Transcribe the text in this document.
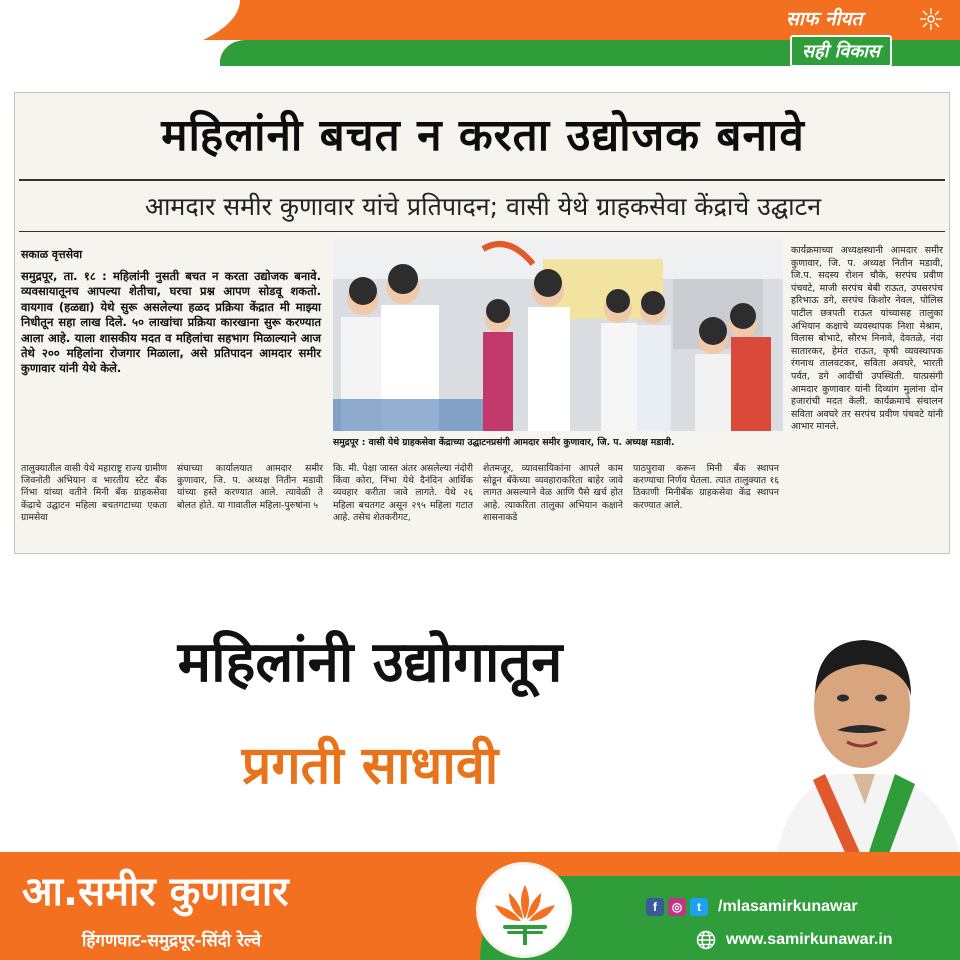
साफ नीयत
सही विकास
महिलांनी बचत न करता उद्योजक बनावे
आमदार समीर कुणावार यांचे प्रतिपादन; वासी येथे ग्राहकसेवा केंद्राचे उद्घाटन
सकाळ वृत्तसेवा
समुद्रपूर, ता. १८ : महिलांनी नुसती बचत न करता उद्योजक बनावे. व्यवसायातूनच आपल्या शेतीचा, घरचा प्रश्न आपण सोडवू शकतो. वायगाव (हळद्या) येथे सुरू असलेल्या हळद प्रक्रिया केंद्रात मी माझ्या निधीतून सहा लाख दिले. ५० लाखांचा प्रक्रिया कारखाना सुरू करण्यात आला आहे. याला शासकीय मदत व महिलांचा सहभाग मिळाल्याने आज तेथे २०० महिलांना रोजगार मिळाला, असे प्रतिपादन आमदार समीर कुणावार यांनी येथे केले.
समुद्रपूर : वासी येथे ग्राहकसेवा केंद्राच्या उद्घाटनप्रसंगी आमदार समीर कुणावार, जि. प. अध्यक्ष मडावी.
तालुक्यातील वासी येथे महाराष्ट्र राज्य ग्रामीण जिवनोती अभियान व भारतीय स्टेट बँक निंभा यांच्या वतीने मिनी बँक ग्राहकसेवा केंद्राचे उद्घाटन महिला बचतगटाच्या एकता ग्रामसेवा
संघाच्या कार्यालयात आमदार समीर कुणावार, जि. प. अध्यक्ष नितीन मडावी यांच्या हस्ते करण्यात आले. त्यावेळी ते बोलत होते. या गावातील महिला-पुरुषांना ५
कि. मी. पेक्षा जास्त अंतर असलेल्या नंदोरी किंवा कोरा, निंभा येथे दैनंदिन आर्थिक व्यवहार करीता जावे लागते. येथे २६ महिला बचतगट असून २९५ महिला गटात आहे. तसेच शेतकरीगट,
शेतमजूर, व्यावसायिकांना आपले काम सोडून बँकेच्या व्यवहाराकरिता बाहेर जावे लागत असल्याने वेळ आणि पैसे खर्च होत आहे. त्याकरिता तालुका अभियान कक्षाने शासनाकडे
पाठपुरावा करून मिनी बँक स्थापन करण्याचा निर्णय घेतला. त्यात तालुक्यात १६ ठिकाणी मिनीबँक ग्राहकसेवा केंद्र स्थापन करण्यात आले.
कार्यक्रमाच्या अध्यक्षस्थानी आमदार समीर कुणावार, जि. प. अध्यक्ष नितीन मडावी, जि.प. सदस्य रोशन चौके, सरपंच प्रवीण पंचवटे, माजी सरपंच बेबी राऊत, उपसरपंच हरिभाऊ डगे, सरपंच किशोर नेवल, पोलिस पाटील छत्रपती राऊत यांच्यासह तालुका अभियान कक्षाचे व्यवस्थापक निशा मेश्राम, विलास बोभाटे, सौरभ निनावे, देवतळे, नंदा सातारकर, हेमंत राऊत, कृषी व्यवस्थापक रंगनाथ तालवटकर, सविता अवघरे, भारती पर्वत, डगे आदींची उपस्थिती. यात्प्रसंगी आमदार कुणावार यांनी दिव्यांग मुलांना दोन हजारांची मदत केली. कार्यक्रमाचे संचालन सविता अवघरे तर सरपंच प्रवीण पंचवटे यांनी आभार मानले.
महिलांनी उद्योगातून
प्रगती साधावी
आ.समीर कुणावार
हिंगणघाट-समुद्रपूर-सिंदी रेल्वे
f	◎	t	/mlasamirkunawar
www.samirkunawar.in
